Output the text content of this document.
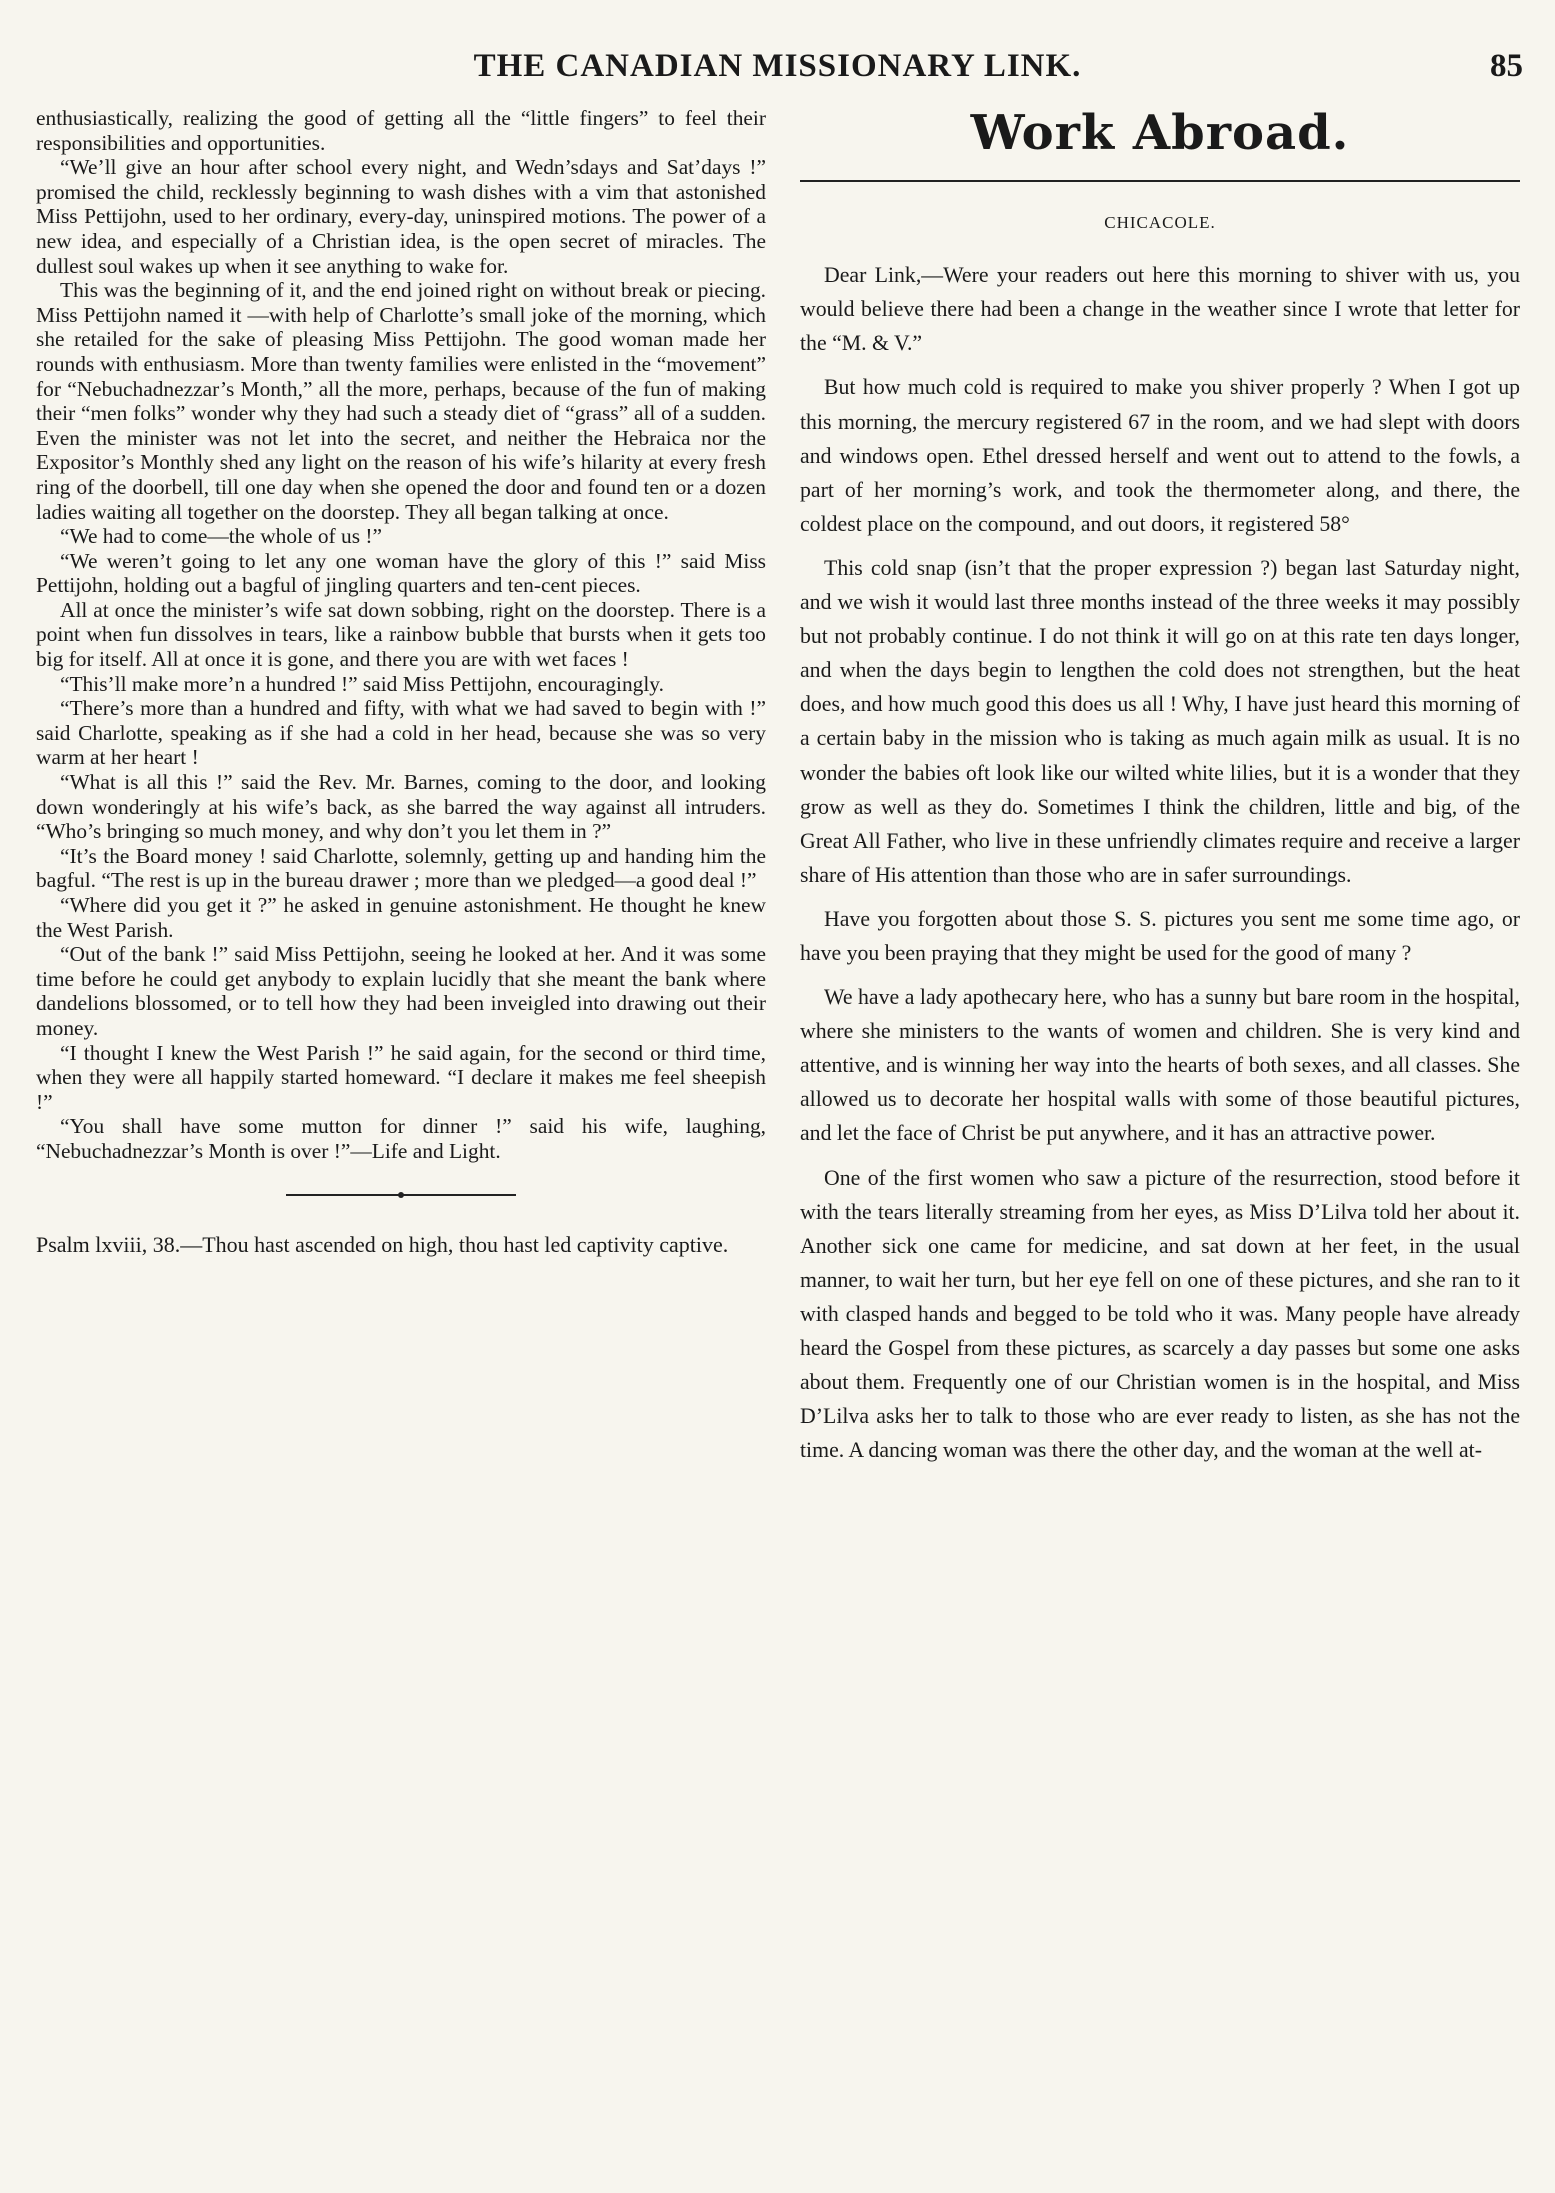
THE CANADIAN MISSIONARY LINK.	85

enthusiastically, realizing the good of getting all the “little fingers” to feel their responsibilities and opportunities.

“We’ll give an hour after school every night, and Wedn’sdays and Sat’days !” promised the child, recklessly beginning to wash dishes with a vim that astonished Miss Pettijohn, used to her ordinary, every-day, uninspired motions. The power of a new idea, and especially of a Christian idea, is the open secret of miracles. The dullest soul wakes up when it see anything to wake for.

This was the beginning of it, and the end joined right on without break or piecing. Miss Pettijohn named it —with help of Charlotte’s small joke of the morning, which she retailed for the sake of pleasing Miss Pettijohn. The good woman made her rounds with enthusiasm. More than twenty families were enlisted in the “movement” for “Nebuchadnezzar’s Month,” all the more, perhaps, because of the fun of making their “men folks” wonder why they had such a steady diet of “grass” all of a sudden. Even the minister was not let into the secret, and neither the Hebraica nor the Expositor’s Monthly shed any light on the reason of his wife’s hilarity at every fresh ring of the doorbell, till one day when she opened the door and found ten or a dozen ladies waiting all together on the doorstep. They all began talking at once.

“We had to come—the whole of us !”

“We weren’t going to let any one woman have the glory of this !” said Miss Pettijohn, holding out a bagful of jingling quarters and ten-cent pieces.

All at once the minister’s wife sat down sobbing, right on the doorstep. There is a point when fun dissolves in tears, like a rainbow bubble that bursts when it gets too big for itself. All at once it is gone, and there you are with wet faces !

“This’ll make more’n a hundred !” said Miss Pettijohn, encouragingly.

“There’s more than a hundred and fifty, with what we had saved to begin with !” said Charlotte, speaking as if she had a cold in her head, because she was so very warm at her heart !

“What is all this !” said the Rev. Mr. Barnes, coming to the door, and looking down wonderingly at his wife’s back, as she barred the way against all intruders. “Who’s bringing so much money, and why don’t you let them in ?”

“It’s the Board money ! said Charlotte, solemnly, getting up and handing him the bagful. “The rest is up in the bureau drawer ; more than we pledged—a good deal !”

“Where did you get it ?” he asked in genuine astonishment. He thought he knew the West Parish.

“Out of the bank !” said Miss Pettijohn, seeing he looked at her. And it was some time before he could get anybody to explain lucidly that she meant the bank where dandelions blossomed, or to tell how they had been inveigled into drawing out their money.

“I thought I knew the West Parish !” he said again, for the second or third time, when they were all happily started homeward. “I declare it makes me feel sheepish !”

“You shall have some mutton for dinner !” said his wife, laughing, “Nebuchadnezzar’s Month is over !”—Life and Light.

Psalm lxviii, 38.—Thou hast ascended on high, thou hast led captivity captive.

Work Abroad.
CHICACOLE.

Dear Link,—Were your readers out here this morning to shiver with us, you would believe there had been a change in the weather since I wrote that letter for the “M. & V.”

But how much cold is required to make you shiver properly ? When I got up this morning, the mercury registered 67 in the room, and we had slept with doors and windows open. Ethel dressed herself and went out to attend to the fowls, a part of her morning’s work, and took the thermometer along, and there, the coldest place on the compound, and out doors, it registered 58°

This cold snap (isn’t that the proper expression ?) began last Saturday night, and we wish it would last three months instead of the three weeks it may possibly but not probably continue. I do not think it will go on at this rate ten days longer, and when the days begin to lengthen the cold does not strengthen, but the heat does, and how much good this does us all ! Why, I have just heard this morning of a certain baby in the mission who is taking as much again milk as usual. It is no wonder the babies oft look like our wilted white lilies, but it is a wonder that they grow as well as they do. Sometimes I think the children, little and big, of the Great All Father, who live in these unfriendly climates require and receive a larger share of His attention than those who are in safer surroundings.

Have you forgotten about those S. S. pictures you sent me some time ago, or have you been praying that they might be used for the good of many ?

We have a lady apothecary here, who has a sunny but bare room in the hospital, where she ministers to the wants of women and children. She is very kind and attentive, and is winning her way into the hearts of both sexes, and all classes. She allowed us to decorate her hospital walls with some of those beautiful pictures, and let the face of Christ be put anywhere, and it has an attractive power.

One of the first women who saw a picture of the resurrection, stood before it with the tears literally streaming from her eyes, as Miss D’Lilva told her about it. Another sick one came for medicine, and sat down at her feet, in the usual manner, to wait her turn, but her eye fell on one of these pictures, and she ran to it with clasped hands and begged to be told who it was. Many people have already heard the Gospel from these pictures, as scarcely a day passes but some one asks about them. Frequently one of our Christian women is in the hospital, and Miss D’Lilva asks her to talk to those who are ever ready to listen, as she has not the time. A dancing woman was there the other day, and the woman at the well at-
